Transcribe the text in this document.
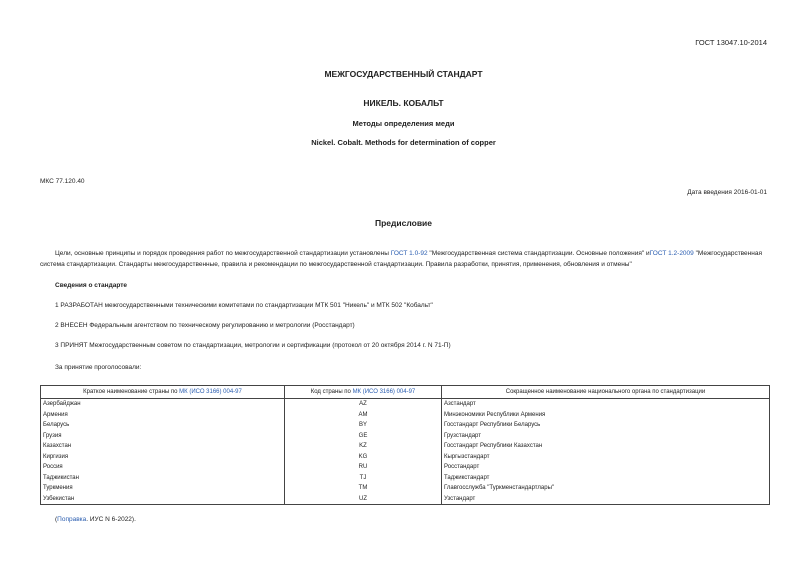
ГОСТ 13047.10-2014
МЕЖГОСУДАРСТВЕННЫЙ СТАНДАРТ
НИКЕЛЬ. КОБАЛЬТ
Методы определения меди
Nickel. Cobalt. Methods for determination of copper
МКС 77.120.40
Дата введения 2016-01-01
Предисловие
Цели, основные принципы и порядок проведения работ по межгосударственной стандартизации установлены ГОСТ 1.0-92 "Межгосударственная система стандартизации. Основные положения" иГОСТ 1.2-2009 "Межгосударственная система стандартизации. Стандарты межгосударственные, правила и рекомендации по межгосударственной стандартизации. Правила разработки, принятия, применения, обновления и отмены"
Сведения о стандарте
1 РАЗРАБОТАН межгосударственными техническими комитетами по стандартизации МТК 501 "Никель" и МТК 502 "Кобальт"
2 ВНЕСЕН Федеральным агентством по техническому регулированию и метрологии (Росстандарт)
3 ПРИНЯТ Межгосударственным советом по стандартизации, метрологии и сертификации (протокол от 20 октября 2014 г. N 71-П)
За принятие проголосовали:
Краткое наименование страны по МК (ИСО 3166) 004-97	Код страны по МК (ИСО 3166) 004-97	Сокращенное наименование национального органа по стандартизации
Азербайджан	AZ	Азстандарт
Армения	AM	Минэкономики Республики Армения
Беларусь	BY	Госстандарт Республики Беларусь
Грузия	GE	Грузстандарт
Казахстан	KZ	Госстандарт Республики Казахстан
Киргизия	KG	Кыргызстандарт
Россия	RU	Росстандарт
Таджикистан	TJ	Таджикстандарт
Туркмения	TM	Главгосслужба "Туркменстандартлары"
Узбекистан	UZ	Узстандарт
(Поправка. ИУС N 6-2022).
